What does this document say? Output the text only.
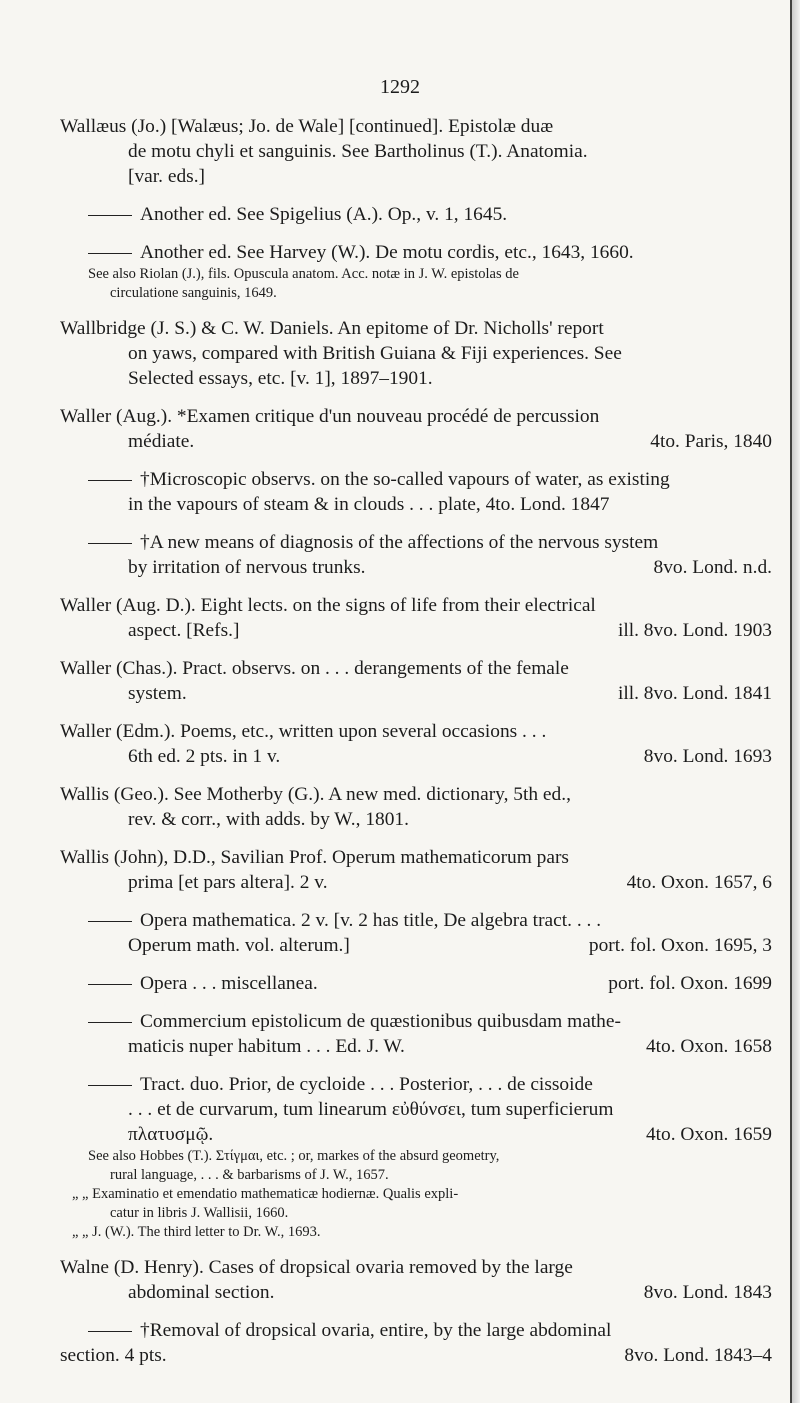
1292
Wallæus (Jo.) [Walæus; Jo. de Wale] [continued]. Epistolæ duæ
de motu chyli et sanguinis. See Bartholinus (T.). Anatomia.
[var. eds.]
Another ed. See Spigelius (A.). Op., v. 1, 1645.
Another ed. See Harvey (W.). De motu cordis, etc., 1643, 1660.
See also Riolan (J.), fils. Opuscula anatom. Acc. notæ in J. W. epistolas de
circulatione sanguinis, 1649.
Wallbridge (J. S.) & C. W. Daniels. An epitome of Dr. Nicholls' report
on yaws, compared with British Guiana & Fiji experiences. See
Selected essays, etc. [v. 1], 1897–1901.
Waller (Aug.). *Examen critique d'un nouveau procédé de percussion
médiate.	4to. Paris, 1840
†Microscopic observs. on the so-called vapours of water, as existing
in the vapours of steam & in clouds . . . plate, 4to. Lond. 1847
†A new means of diagnosis of the affections of the nervous system
by irritation of nervous trunks.	8vo. Lond. n.d.
Waller (Aug. D.). Eight lects. on the signs of life from their electrical
aspect. [Refs.]	ill. 8vo. Lond. 1903
Waller (Chas.). Pract. observs. on . . . derangements of the female
system.	ill. 8vo. Lond. 1841
Waller (Edm.). Poems, etc., written upon several occasions . . .
6th ed. 2 pts. in 1 v.	8vo. Lond. 1693
Wallis (Geo.). See Motherby (G.). A new med. dictionary, 5th ed.,
rev. & corr., with adds. by W., 1801.
Wallis (John), D.D., Savilian Prof. Operum mathematicorum pars
prima [et pars altera]. 2 v.	4to. Oxon. 1657, 6
Opera mathematica. 2 v. [v. 2 has title, De algebra tract. . . .
Operum math. vol. alterum.]	port. fol. Oxon. 1695, 3
Opera . . . miscellanea.	port. fol. Oxon. 1699
Commercium epistolicum de quæstionibus quibusdam mathe-
maticis nuper habitum . . . Ed. J. W.	4to. Oxon. 1658
Tract. duo. Prior, de cycloide . . . Posterior, . . . de cissoide
. . . et de curvarum, tum linearum εὐθύνσει, tum superficierum
πλατυσμῷ.	4to. Oxon. 1659
See also Hobbes (T.). Στίγμαι, etc. ; or, markes of the absurd geometry,
rural language, . . . & barbarisms of J. W., 1657.
„ „ Examinatio et emendatio mathematicæ hodiernæ. Qualis expli-
catur in libris J. Wallisii, 1660.
„ „ J. (W.). The third letter to Dr. W., 1693.
Walne (D. Henry). Cases of dropsical ovaria removed by the large
abdominal section.	8vo. Lond. 1843
†Removal of dropsical ovaria, entire, by the large abdominal
section. 4 pts.	8vo. Lond. 1843–4
